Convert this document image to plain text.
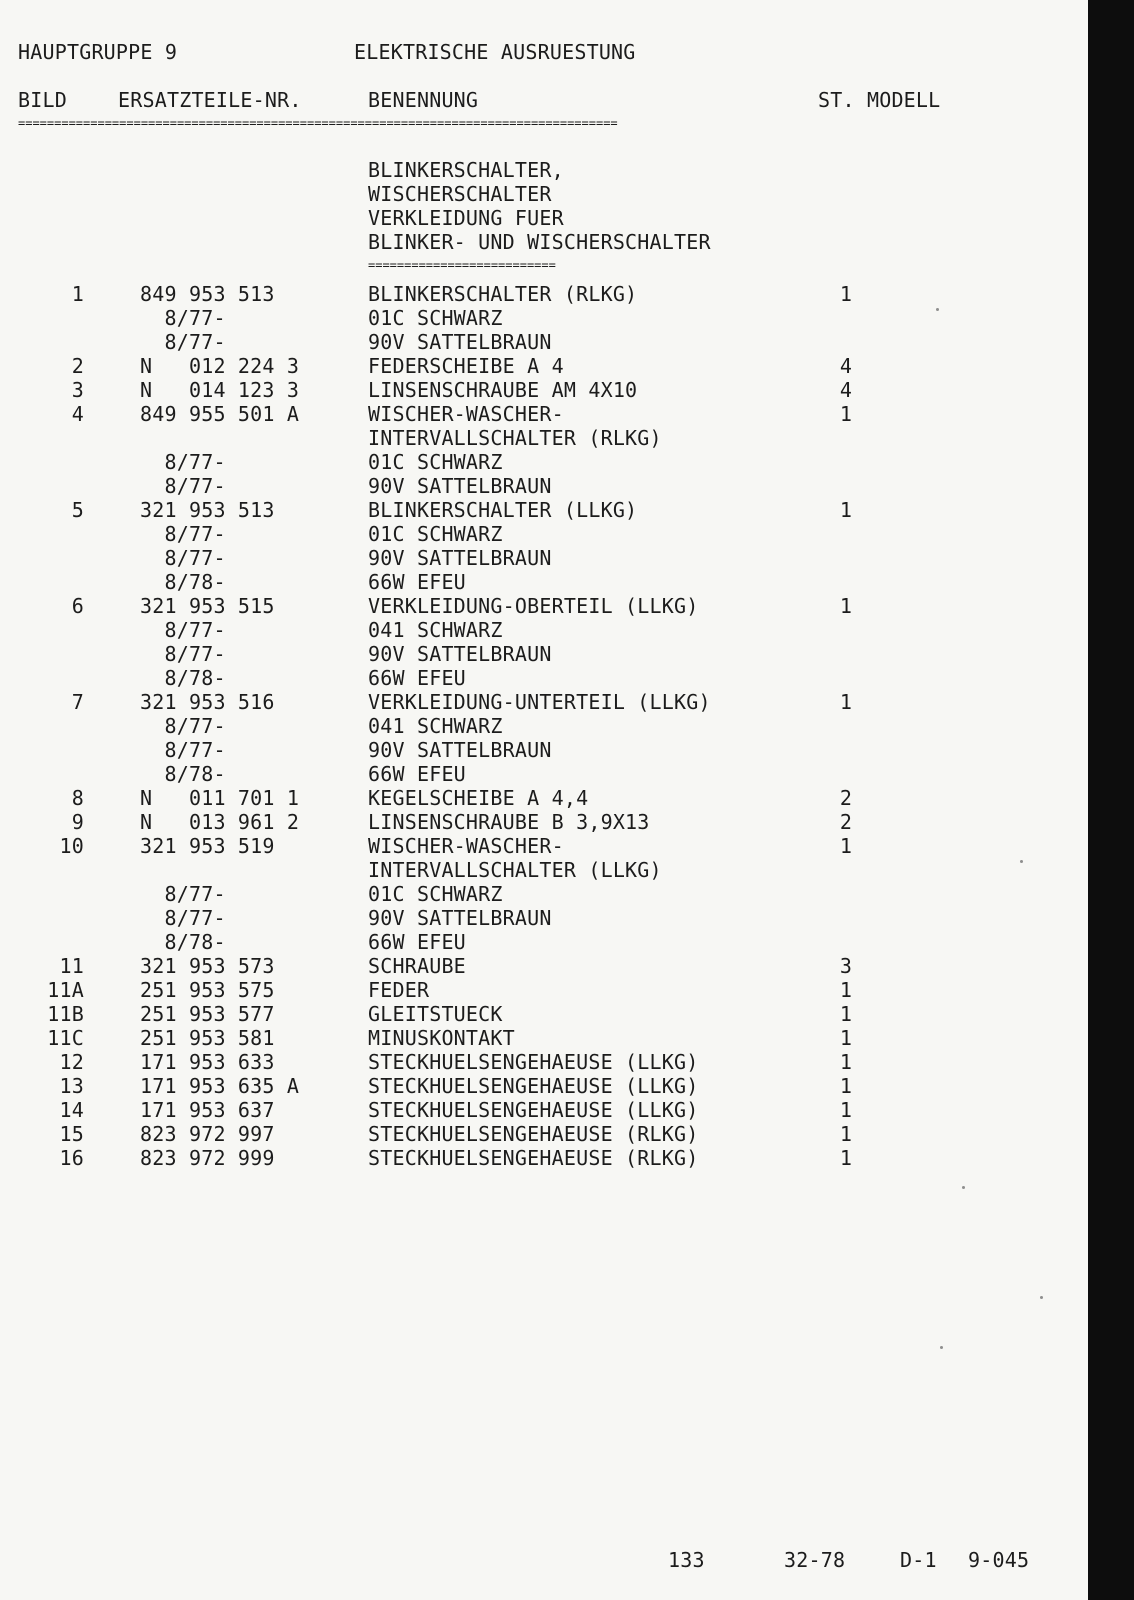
HAUPTGRUPPE 9	ELEKTRISCHE AUSRUESTUNG
BILD	ERSATZTEILE-NR.	BENENNUNG	ST. MODELL
===================================================================================
BLINKERSCHALTER,
WISCHERSCHALTER
VERKLEIDUNG FUER
BLINKER- UND WISCHERSCHALTER
==========================
1	849 953 513	BLINKERSCHALTER (RLKG)	1
8/77-	01C SCHWARZ
8/77-	90V SATTELBRAUN
2	N   012 224 3	FEDERSCHEIBE A 4	4
3	N   014 123 3	LINSENSCHRAUBE AM 4X10	4
4	849 955 501 A	WISCHER-WASCHER-	1
INTERVALLSCHALTER (RLKG)
8/77-	01C SCHWARZ
8/77-	90V SATTELBRAUN
5	321 953 513	BLINKERSCHALTER (LLKG)	1
8/77-	01C SCHWARZ
8/77-	90V SATTELBRAUN
8/78-	66W EFEU
6	321 953 515	VERKLEIDUNG-OBERTEIL (LLKG)	1
8/77-	041 SCHWARZ
8/77-	90V SATTELBRAUN
8/78-	66W EFEU
7	321 953 516	VERKLEIDUNG-UNTERTEIL (LLKG)	1
8/77-	041 SCHWARZ
8/77-	90V SATTELBRAUN
8/78-	66W EFEU
8	N   011 701 1	KEGELSCHEIBE A 4,4	2
9	N   013 961 2	LINSENSCHRAUBE B 3,9X13	2
10	321 953 519	WISCHER-WASCHER-	1
INTERVALLSCHALTER (LLKG)
8/77-	01C SCHWARZ
8/77-	90V SATTELBRAUN
8/78-	66W EFEU
11	321 953 573	SCHRAUBE	3
11A	251 953 575	FEDER	1
11B	251 953 577	GLEITSTUECK	1
11C	251 953 581	MINUSKONTAKT	1
12	171 953 633	STECKHUELSENGEHAEUSE (LLKG)	1
13	171 953 635 A	STECKHUELSENGEHAEUSE (LLKG)	1
14	171 953 637	STECKHUELSENGEHAEUSE (LLKG)	1
15	823 972 997	STECKHUELSENGEHAEUSE (RLKG)	1
16	823 972 999	STECKHUELSENGEHAEUSE (RLKG)	1
133	32-78	D-1 9-045
